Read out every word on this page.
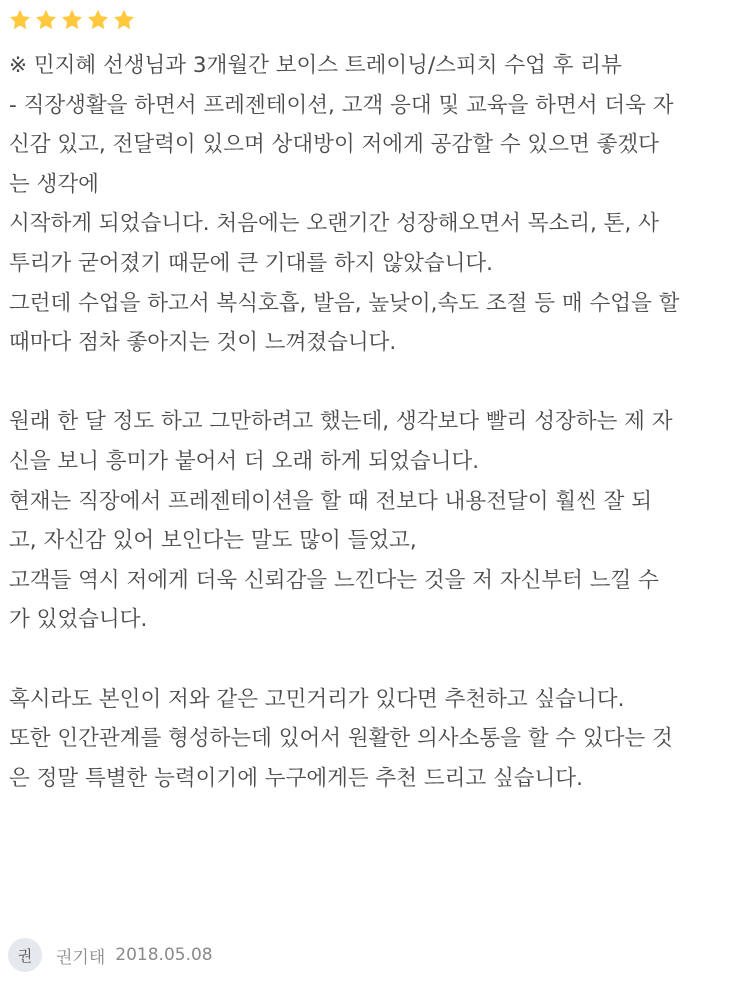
※ 민지혜 선생님과 3개월간 보이스 트레이닝/스피치 수업 후 리뷰
- 직장생활을 하면서 프레젠테이션, 고객 응대 및 교육을 하면서 더욱 자
신감 있고, 전달력이 있으며 상대방이 저에게 공감할 수 있으면 좋겠다
는 생각에
시작하게 되었습니다. 처음에는 오랜기간 성장해오면서 목소리, 톤, 사
투리가 굳어졌기 때문에 큰 기대를 하지 않았습니다.
그런데 수업을 하고서 복식호흡, 발음, 높낮이,속도 조절 등 매 수업을 할
때마다 점차 좋아지는 것이 느껴졌습니다.
원래 한 달 정도 하고 그만하려고 했는데, 생각보다 빨리 성장하는 제 자
신을 보니 흥미가 붙어서 더 오래 하게 되었습니다.
현재는 직장에서 프레젠테이션을 할 때 전보다 내용전달이 훨씬 잘 되
고, 자신감 있어 보인다는 말도 많이 들었고,
고객들 역시 저에게 더욱 신뢰감을 느낀다는 것을 저 자신부터 느낄 수
가 있었습니다.
혹시라도 본인이 저와 같은 고민거리가 있다면 추천하고 싶습니다.
또한 인간관계를 형성하는데 있어서 원활한 의사소통을 할 수 있다는 것
은 정말 특별한 능력이기에 누구에게든 추천 드리고 싶습니다.
권	권기태 2018.05.08
